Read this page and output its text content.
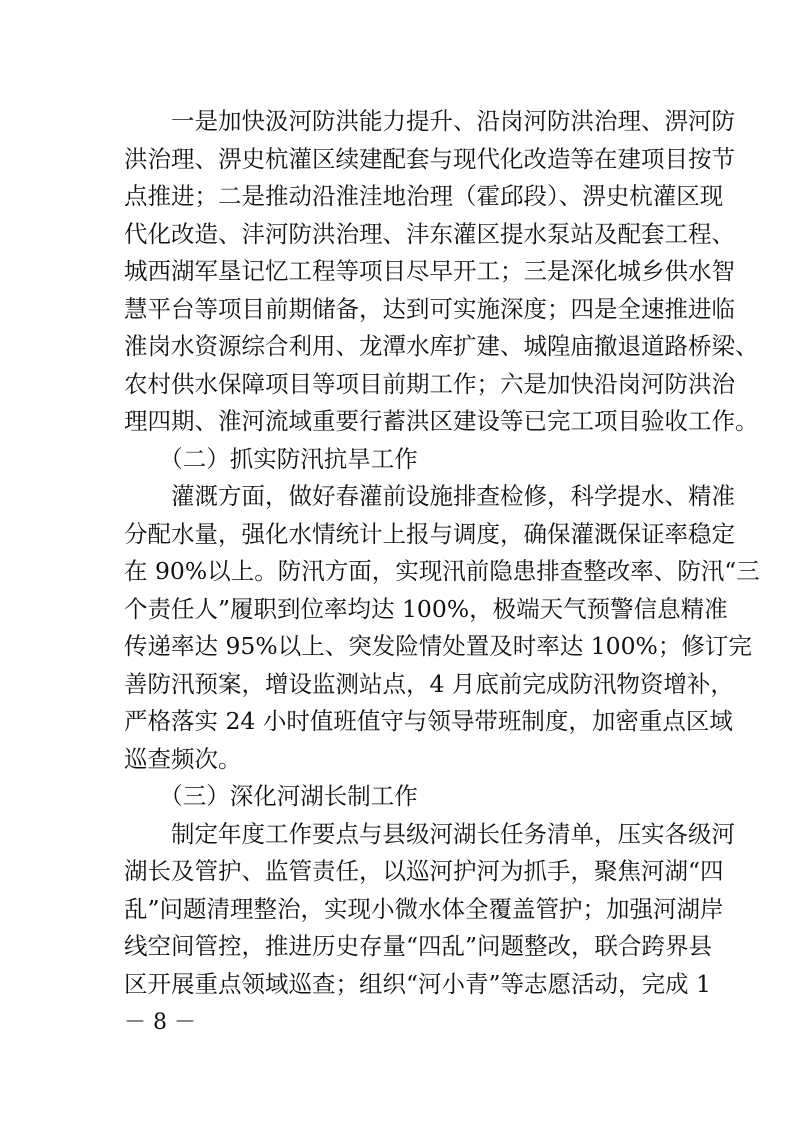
　　一是加快汲河防洪能力提升、沿岗河防洪治理、淠河防
洪治理、淠史杭灌区续建配套与现代化改造等在建项目按节
点推进；二是推动沿淮洼地治理（霍邱段）、淠史杭灌区现
代化改造、沣河防洪治理、沣东灌区提水泵站及配套工程、
城西湖军垦记忆工程等项目尽早开工；三是深化城乡供水智
慧平台等项目前期储备，达到可实施深度；四是全速推进临
淮岗水资源综合利用、龙潭水库扩建、城隍庙撤退道路桥梁、
农村供水保障项目等项目前期工作；六是加快沿岗河防洪治
理四期、淮河流域重要行蓄洪区建设等已完工项目验收工作。
　　（二）抓实防汛抗旱工作
　　灌溉方面，做好春灌前设施排查检修，科学提水、精准
分配水量，强化水情统计上报与调度，确保灌溉保证率稳定
在 90%以上。防汛方面，实现汛前隐患排查整改率、防汛“三
个责任人”履职到位率均达 100%，极端天气预警信息精准
传递率达 95%以上、突发险情处置及时率达 100%；修订完
善防汛预案，增设监测站点，4 月底前完成防汛物资增补，
严格落实 24 小时值班值守与领导带班制度，加密重点区域
巡查频次。
　　（三）深化河湖长制工作
　　制定年度工作要点与县级河湖长任务清单，压实各级河
湖长及管护、监管责任，以巡河护河为抓手，聚焦河湖“四
乱”问题清理整治，实现小微水体全覆盖管护；加强河湖岸
线空间管控，推进历史存量“四乱”问题整改，联合跨界县
区开展重点领域巡查；组织“河小青”等志愿活动，完成 1
－ 8 －
